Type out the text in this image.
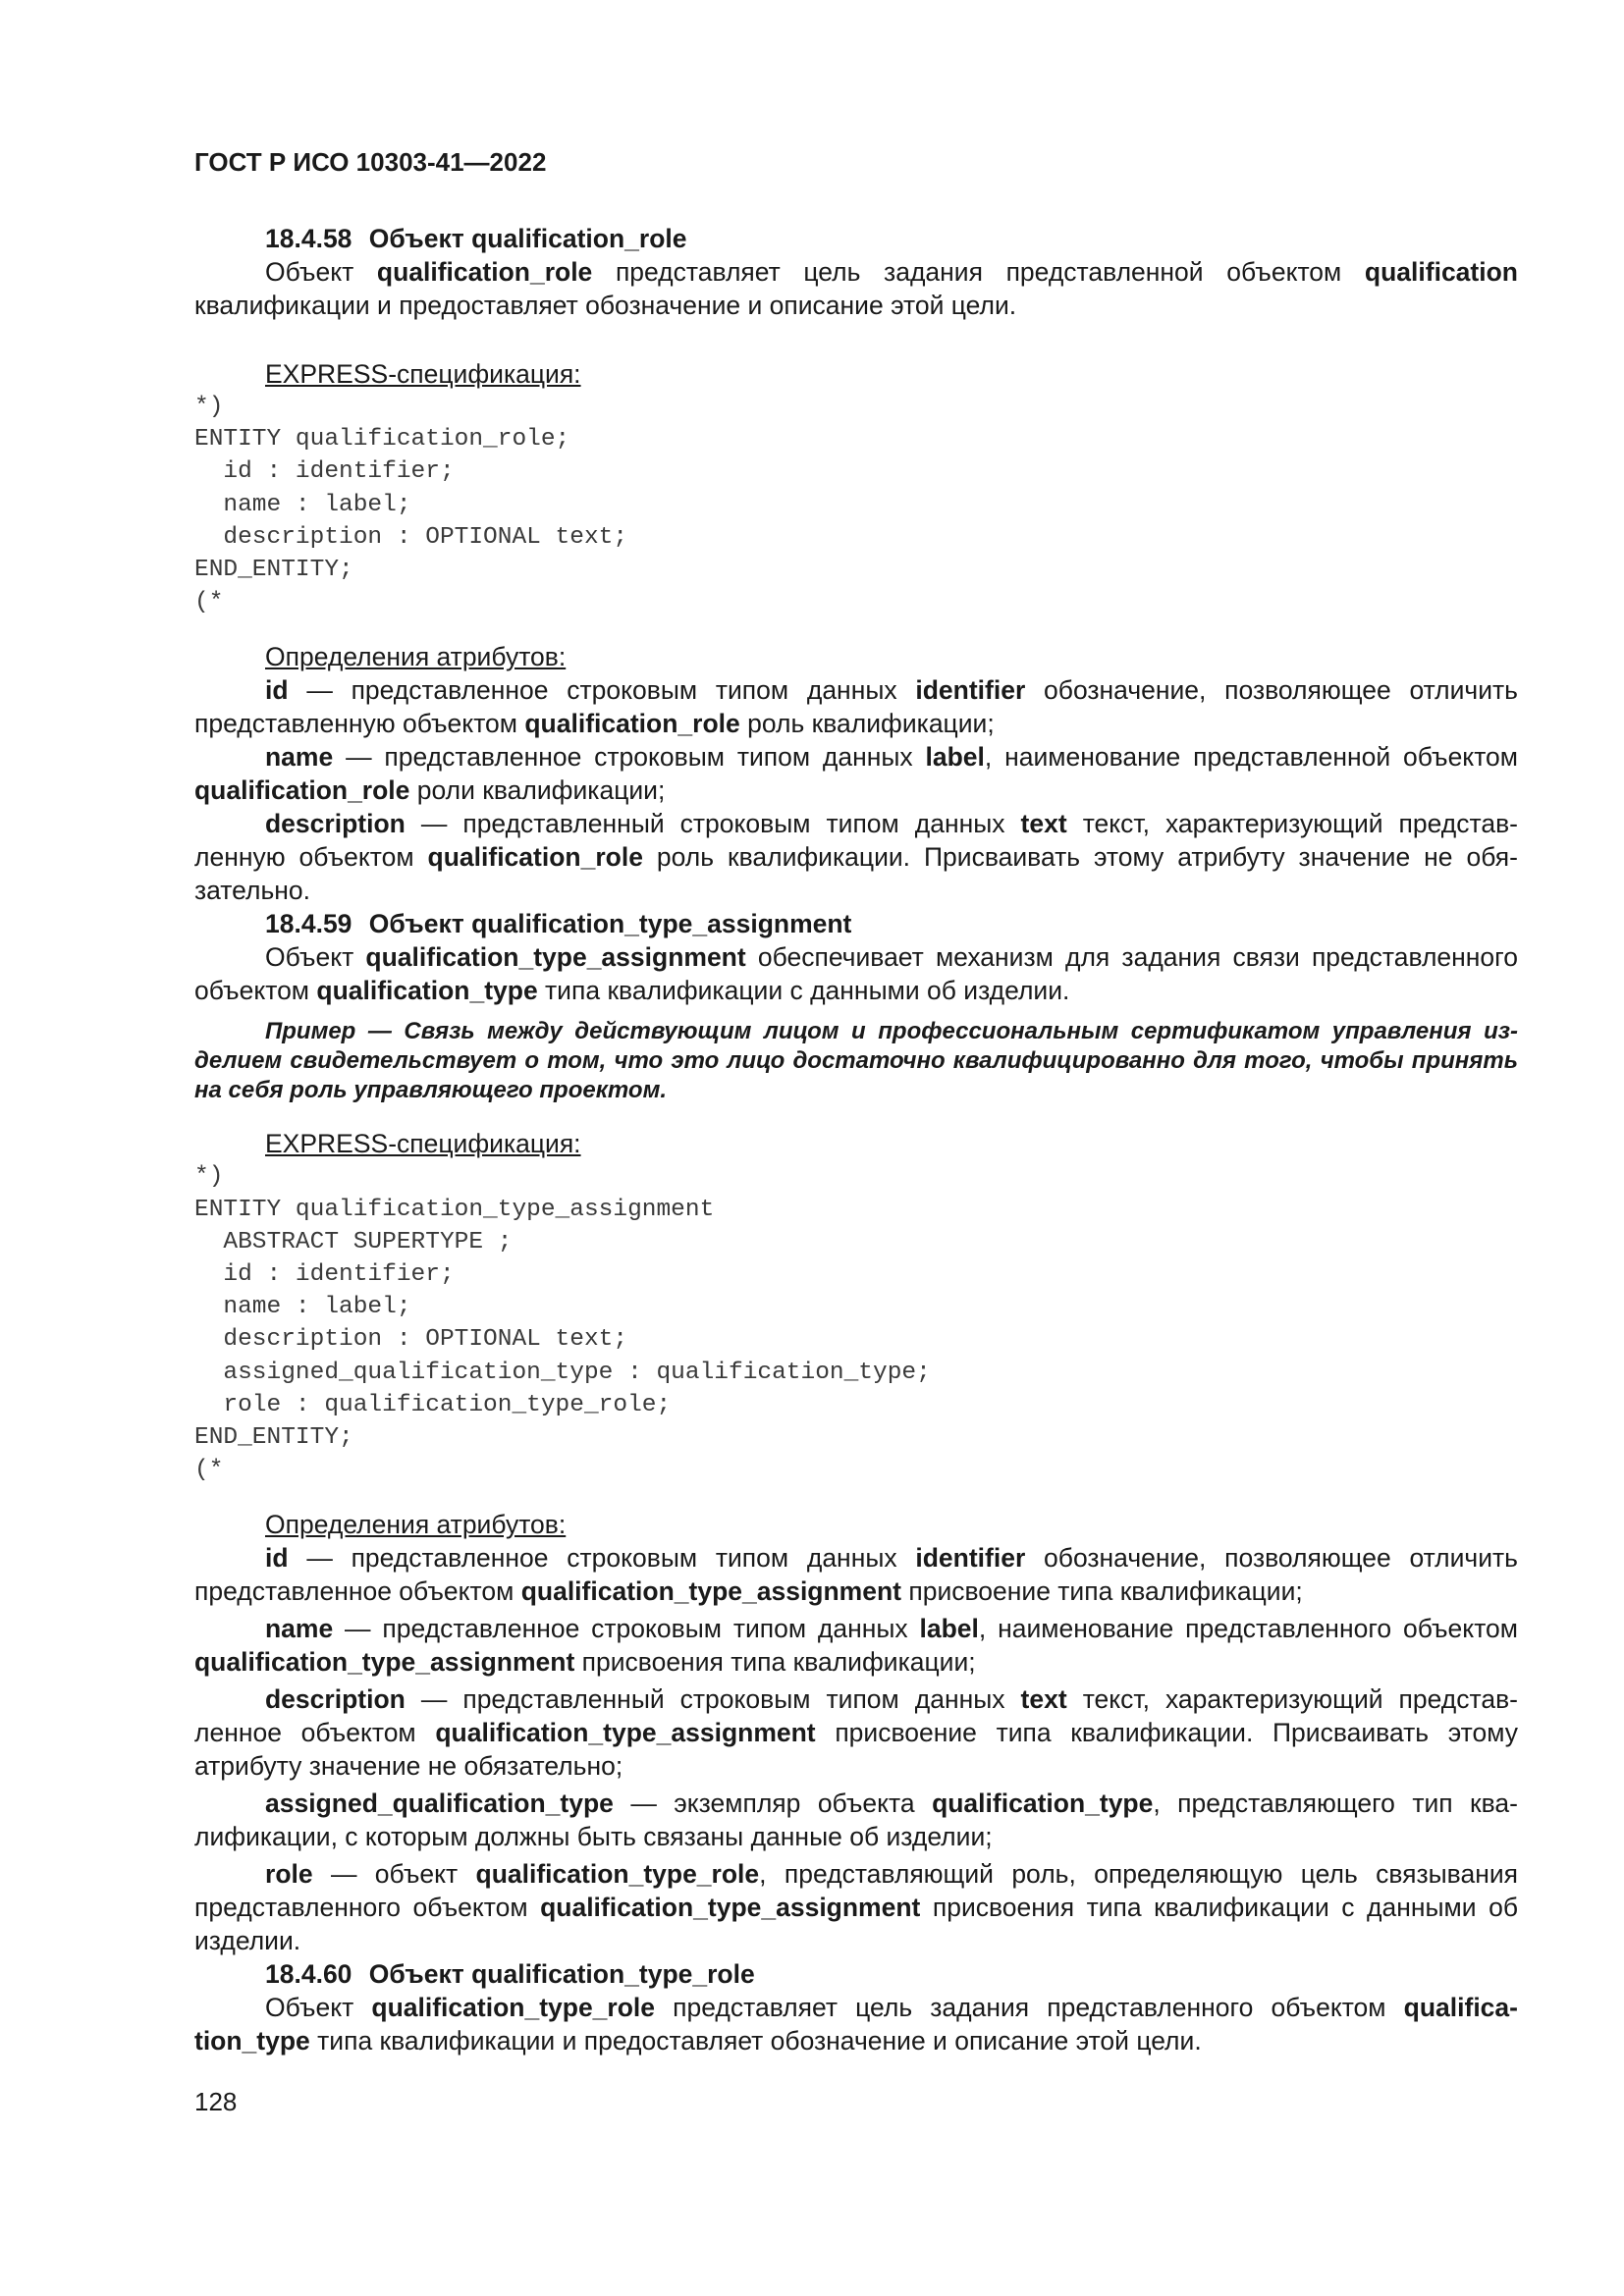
ГОСТ Р ИСО 10303-41—2022

18.4.58 Объект qualification_role

Объект qualification_role представляет цель задания представленной объектом qualification квалификации и предоставляет обозначение и описание этой цели.

EXPRESS-спецификация:

*)
ENTITY qualification_role;
id : identifier;
name : label;
description : OPTIONAL text;
END_ENTITY;
(*

Определения атрибутов:

id — представленное строковым типом данных identifier обозначение, позволяющее отличить представленную объектом qualification_role роль квалификации;

name — представленное строковым типом данных label, наименование представленной объектом qualification_role роли квалификации;

description — представленный строковым типом данных text текст, характеризующий представленную объектом qualification_role роль квалификации. Присваивать этому атрибуту значение не обязательно.

18.4.59 Объект qualification_type_assignment

Объект qualification_type_assignment обеспечивает механизм для задания связи представленного объектом qualification_type типа квалификации с данными об изделии.

Пример — Связь между действующим лицом и профессиональным сертификатом управления изделием свидетельствует о том, что это лицо достаточно квалифицированно для того, чтобы принять на себя роль управляющего проектом.

EXPRESS-спецификация:

*)
ENTITY qualification_type_assignment
ABSTRACT SUPERTYPE ;
id : identifier;
name : label;
description : OPTIONAL text;
assigned_qualification_type : qualification_type;
role : qualification_type_role;
END_ENTITY;
(*

Определения атрибутов:

id — представленное строковым типом данных identifier обозначение, позволяющее отличить представленное объектом qualification_type_assignment присвоение типа квалификации;

name — представленное строковым типом данных label, наименование представленного объектом qualification_type_assignment присвоения типа квалификации;

description — представленный строковым типом данных text текст, характеризующий представленное объектом qualification_type_assignment присвоение типа квалификации. Присваивать этому атрибуту значение не обязательно;

assigned_qualification_type — экземпляр объекта qualification_type, представляющего тип квалификации, с которым должны быть связаны данные об изделии;

role — объект qualification_type_role, представляющий роль, определяющую цель связывания представленного объектом qualification_type_assignment присвоения типа квалификации с данными об изделии.

18.4.60 Объект qualification_type_role

Объект qualification_type_role представляет цель задания представленного объектом qualification_type типа квалификации и предоставляет обозначение и описание этой цели.

128
